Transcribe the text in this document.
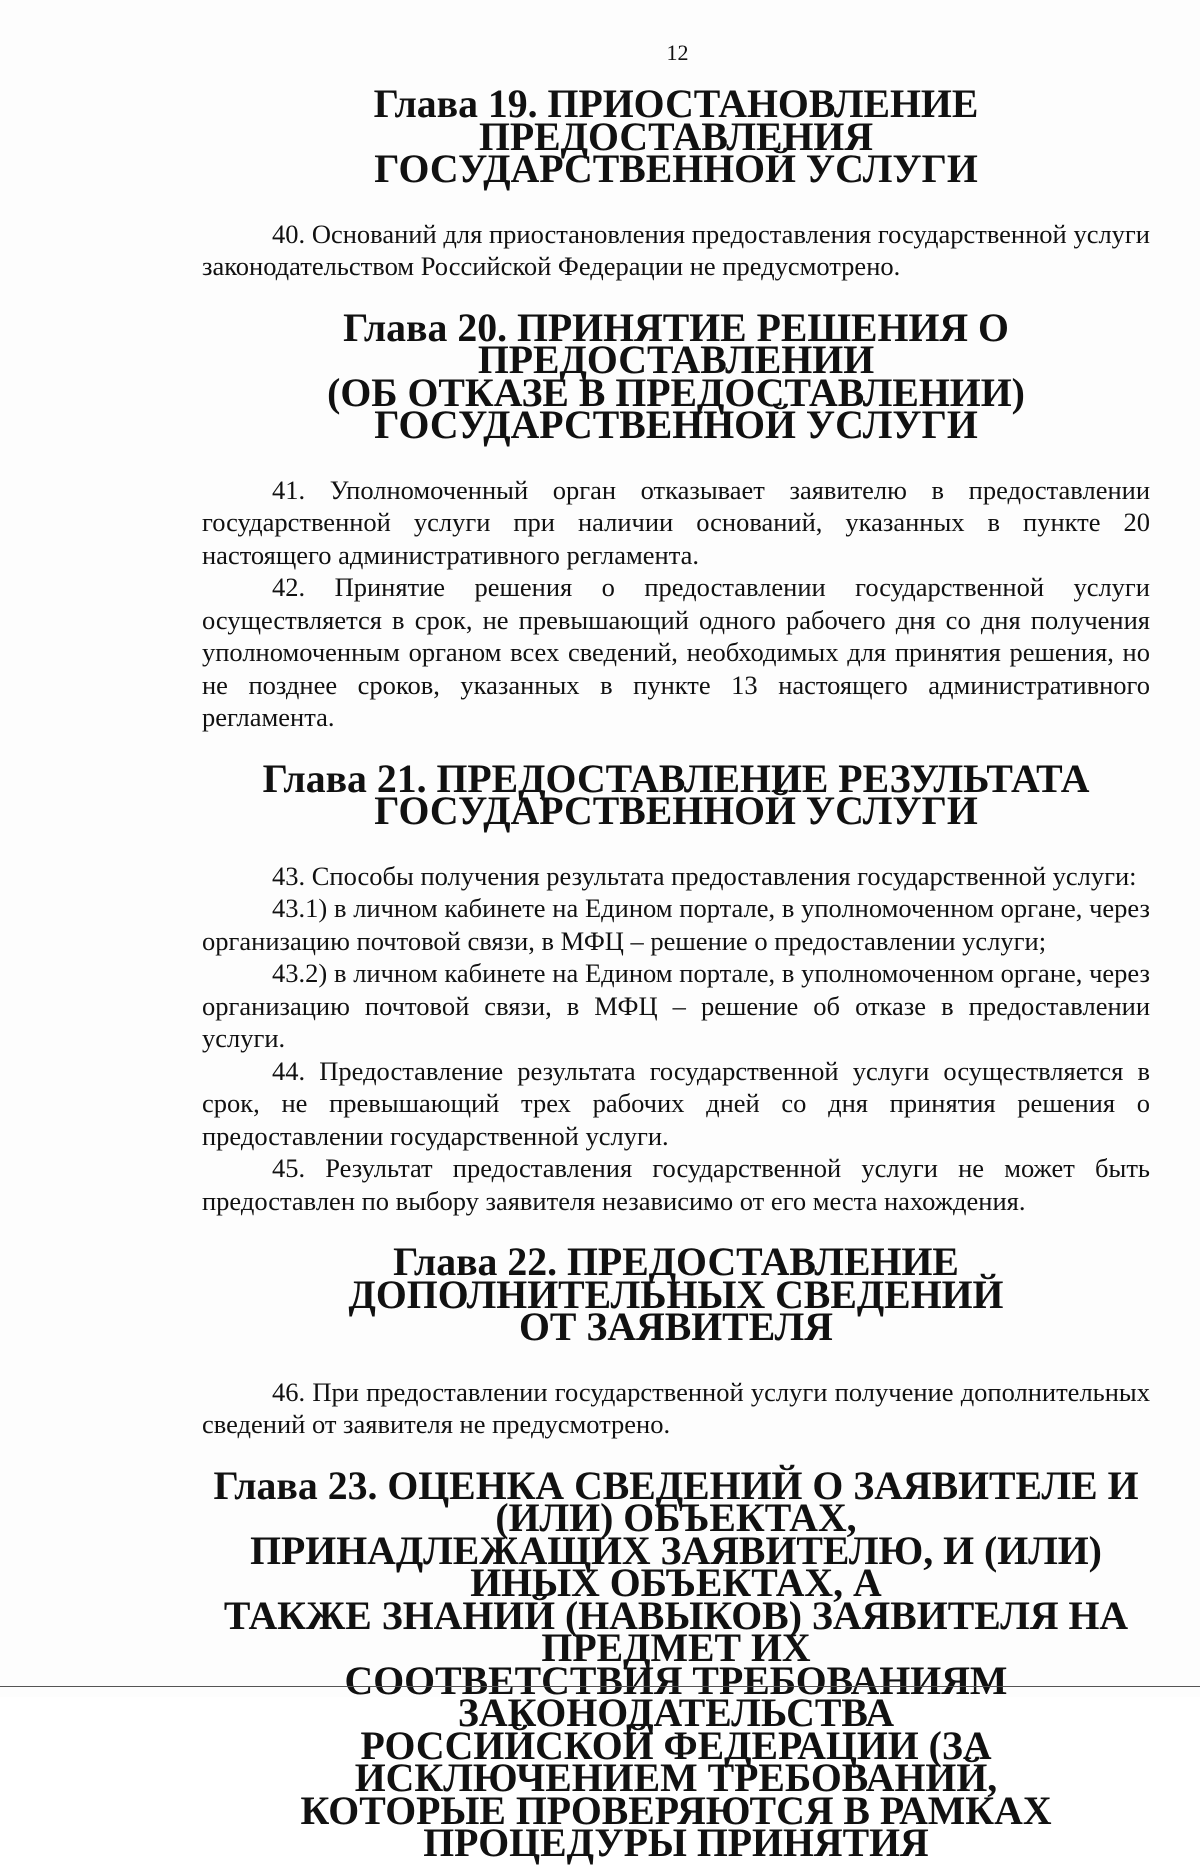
12
Глава 19. ПРИОСТАНОВЛЕНИЕ ПРЕДОСТАВЛЕНИЯ
ГОСУДАРСТВЕННОЙ УСЛУГИ

40. Оснований для приостановления предоставления государственной услуги законодательством Российской Федерации не предусмотрено.

Глава 20. ПРИНЯТИЕ РЕШЕНИЯ О ПРЕДОСТАВЛЕНИИ
(ОБ ОТКАЗЕ В ПРЕДОСТАВЛЕНИИ) ГОСУДАРСТВЕННОЙ УСЛУГИ

41. Уполномоченный орган отказывает заявителю в предоставлении государственной услуги при наличии оснований, указанных в пункте 20 настоящего административного регламента.

42. Принятие решения о предоставлении государственной услуги осуществляется в срок, не превышающий одного рабочего дня со дня получения уполномоченным органом всех сведений, необходимых для принятия решения, но не позднее сроков, указанных в пункте 13 настоящего административного регламента.

Глава 21. ПРЕДОСТАВЛЕНИЕ РЕЗУЛЬТАТА
ГОСУДАРСТВЕННОЙ УСЛУГИ

43. Способы получения результата предоставления государственной услуги:

43.1) в личном кабинете на Едином портале, в уполномоченном органе, через организацию почтовой связи, в МФЦ – решение о предоставлении услуги;

43.2) в личном кабинете на Едином портале, в уполномоченном органе, через организацию почтовой связи, в МФЦ – решение об отказе в предоставлении услуги.

44. Предоставление результата государственной услуги осуществляется в срок, не превышающий трех рабочих дней со дня принятия решения о предоставлении государственной услуги.

45. Результат предоставления государственной услуги не может быть предоставлен по выбору заявителя независимо от его места нахождения.

Глава 22. ПРЕДОСТАВЛЕНИЕ ДОПОЛНИТЕЛЬНЫХ СВЕДЕНИЙ
ОТ ЗАЯВИТЕЛЯ

46. При предоставлении государственной услуги получение дополнительных сведений от заявителя не предусмотрено.

Глава 23. ОЦЕНКА СВЕДЕНИЙ О ЗАЯВИТЕЛЕ И (ИЛИ) ОБЪЕКТАХ,
ПРИНАДЛЕЖАЩИХ ЗАЯВИТЕЛЮ, И (ИЛИ) ИНЫХ ОБЪЕКТАХ, А
ТАКЖЕ ЗНАНИЙ (НАВЫКОВ) ЗАЯВИТЕЛЯ НА ПРЕДМЕТ ИХ
СООТВЕТСТВИЯ ТРЕБОВАНИЯМ ЗАКОНОДАТЕЛЬСТВА
РОССИЙСКОЙ ФЕДЕРАЦИИ (ЗА ИСКЛЮЧЕНИЕМ ТРЕБОВАНИЙ,
КОТОРЫЕ ПРОВЕРЯЮТСЯ В РАМКАХ ПРОЦЕДУРЫ ПРИНЯТИЯ
